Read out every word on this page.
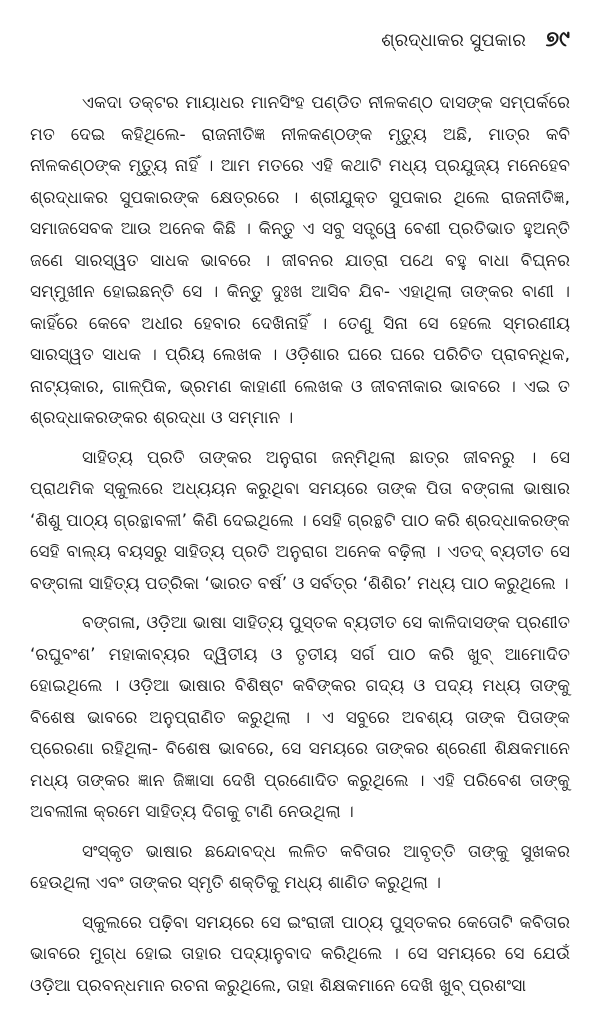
ଶ୍ରଦ୍ଧାକର ସୁପକାର ୭୯

ଏକଦା ଡକ୍ଟର ମାୟାଧର ମାନସିଂହ ପଣ୍ଡିତ ନୀଳକଣ୍ଠ ଦାସଙ୍କ ସମ୍ପର୍କରେ ମତ ଦେଇ କହିଥିଲେ- ରାଜନୀତିଜ୍ଞ ନୀଳକଣ୍ଠଙ୍କ ମୃତ୍ୟୁ ଅଛି, ମାତ୍ର କବି ନୀଳକଣ୍ଠଙ୍କ ମୃତ୍ୟୁ ନାହିଁ । ଆମ ମତରେ ଏହି କଥାଟି ମଧ୍ୟ ପ୍ରଯୁଜ୍ୟ ମନେହେବ ଶ୍ରଦ୍ଧାକର ସୁପକାରଙ୍କ କ୍ଷେତ୍ରରେ । ଶ୍ରୀଯୁକ୍ତ ସୁପକାର ଥିଲେ ରାଜନୀତିଜ୍ଞ, ସମାଜସେବକ ଆଉ ଅନେକ କିଛି । କିନ୍ତୁ ଏ ସବୁ ସତ୍ତ୍ୱେ ବେଶୀ ପ୍ରତିଭାତ ହୁଅନ୍ତି ଜଣେ ସାରସ୍ୱତ ସାଧକ ଭାବରେ । ଜୀବନର ଯାତ୍ରା ପଥେ ବହୁ ବାଧା ବିଘ୍ନର ସମ୍ମୁଖୀନ ହୋଇଛନ୍ତି ସେ । କିନ୍ତୁ ଦୁଃଖ ଆସିବ ଯିବ- ଏହାଥିଲା ତାଙ୍କର ବାଣୀ । କାହିଁରେ କେବେ ଅଧୀର ହେବାର ଦେଖିନାହିଁ । ତେଣୁ ସିନା ସେ ହେଲେ ସ୍ମରଣୀୟ ସାରସ୍ୱତ ସାଧକ । ପ୍ରିୟ ଲେଖକ । ଓଡ଼ିଶାର ଘରେ ଘରେ ପରିଚିତ ପ୍ରାବନ୍ଧିକ, ନାଟ୍ୟକାର, ଗାଳ୍ପିକ, ଭ୍ରମଣ କାହାଣୀ ଲେଖକ ଓ ଜୀବନୀକାର ଭାବରେ । ଏଇ ତ ଶ୍ରଦ୍ଧାକରଙ୍କର ଶ୍ରଦ୍ଧା ଓ ସମ୍ମାନ ।

ସାହିତ୍ୟ ପ୍ରତି ତାଙ୍କର ଅନୁରାଗ ଜନ୍ମିଥିଲା ଛାତ୍ର ଜୀବନରୁ । ସେ ପ୍ରାଥମିକ ସ୍କୁଲରେ ଅଧ୍ୟୟନ କରୁଥିବା ସମୟରେ ତାଙ୍କ ପିତା ବଙ୍ଗଳା ଭାଷାର ‘ଶିଶୁ ପାଠ୍ୟ ଗ୍ରନ୍ଥାବଳୀ’ କିଣି ଦେଇଥିଲେ । ସେହି ଗ୍ରନ୍ଥଟି ପାଠ କରି ଶ୍ରଦ୍ଧାକରଙ୍କ ସେହି ବାଲ୍ୟ ବୟସରୁ ସାହିତ୍ୟ ପ୍ରତି ଅନୁରାଗ ଅନେକ ବଢ଼ିଲା । ଏତଦ୍ ବ୍ୟତୀତ ସେ ବଙ୍ଗଳା ସାହିତ୍ୟ ପତ୍ରିକା ‘ଭାରତ ବର୍ଷ’ ଓ ସର୍ବତ୍ର ‘ଶିଶିର’ ମଧ୍ୟ ପାଠ କରୁଥିଲେ ।

ବଙ୍ଗଳା, ଓଡ଼ିଆ ଭାଷା ସାହିତ୍ୟ ପୁସ୍ତକ ବ୍ୟତୀତ ସେ କାଳିଦାସଙ୍କ ପ୍ରଣୀତ ‘ରଘୁବଂଶ’ ମହାକାବ୍ୟର ଦ୍ୱିତୀୟ ଓ ତୃତୀୟ ସର୍ଗ ପାଠ କରି ଖୁବ୍ ଆମୋଦିତ ହୋଇଥିଲେ । ଓଡ଼ିଆ ଭାଷାର ବିଶିଷ୍ଟ କବିଙ୍କର ଗଦ୍ୟ ଓ ପଦ୍ୟ ମଧ୍ୟ ତାଙ୍କୁ ବିଶେଷ ଭାବରେ ଅନୁପ୍ରାଣିତ କରୁଥିଲା । ଏ ସବୁରେ ଅବଶ୍ୟ ତାଙ୍କ ପିତାଙ୍କ ପ୍ରେରଣା ରହିଥିଲା- ବିଶେଷ ଭାବରେ, ସେ ସମୟରେ ତାଙ୍କର ଶ୍ରେଣୀ ଶିକ୍ଷକମାନେ ମଧ୍ୟ ତାଙ୍କର ଜ୍ଞାନ ଜିଜ୍ଞାସା ଦେଖି ପ୍ରଣୋଦିତ କରୁଥିଲେ । ଏହି ପରିବେଶ ତାଙ୍କୁ ଅବଲୀଳା କ୍ରମେ ସାହିତ୍ୟ ଦିଗକୁ ଟାଣି ନେଉଥିଲା ।

ସଂସ୍କୃତ ଭାଷାର ଛନ୍ଦୋବଦ୍ଧ ଲଳିତ କବିତାର ଆବୃତ୍ତି ତାଙ୍କୁ ସୁଖକର ହେଉଥିଲା ଏବଂ ତାଙ୍କର ସ୍ମୃତି ଶକ୍ତିକୁ ମଧ୍ୟ ଶାଣିତ କରୁଥିଲା ।

ସ୍କୁଲରେ ପଢ଼ିବା ସମୟରେ ସେ ଇଂରାଜୀ ପାଠ୍ୟ ପୁସ୍ତକର କେତୋଟି କବିତାର ଭାବରେ ମୁଗ୍ଧ ହୋଇ ତାହାର ପଦ୍ୟାନୁବାଦ କରିଥିଲେ । ସେ ସମୟରେ ସେ ଯେଉଁ ଓଡ଼ିଆ ପ୍ରବନ୍ଧମାନ ରଚନା କରୁଥିଲେ, ତାହା ଶିକ୍ଷକମାନେ ଦେଖି ଖୁବ୍ ପ୍ରଶଂସା
